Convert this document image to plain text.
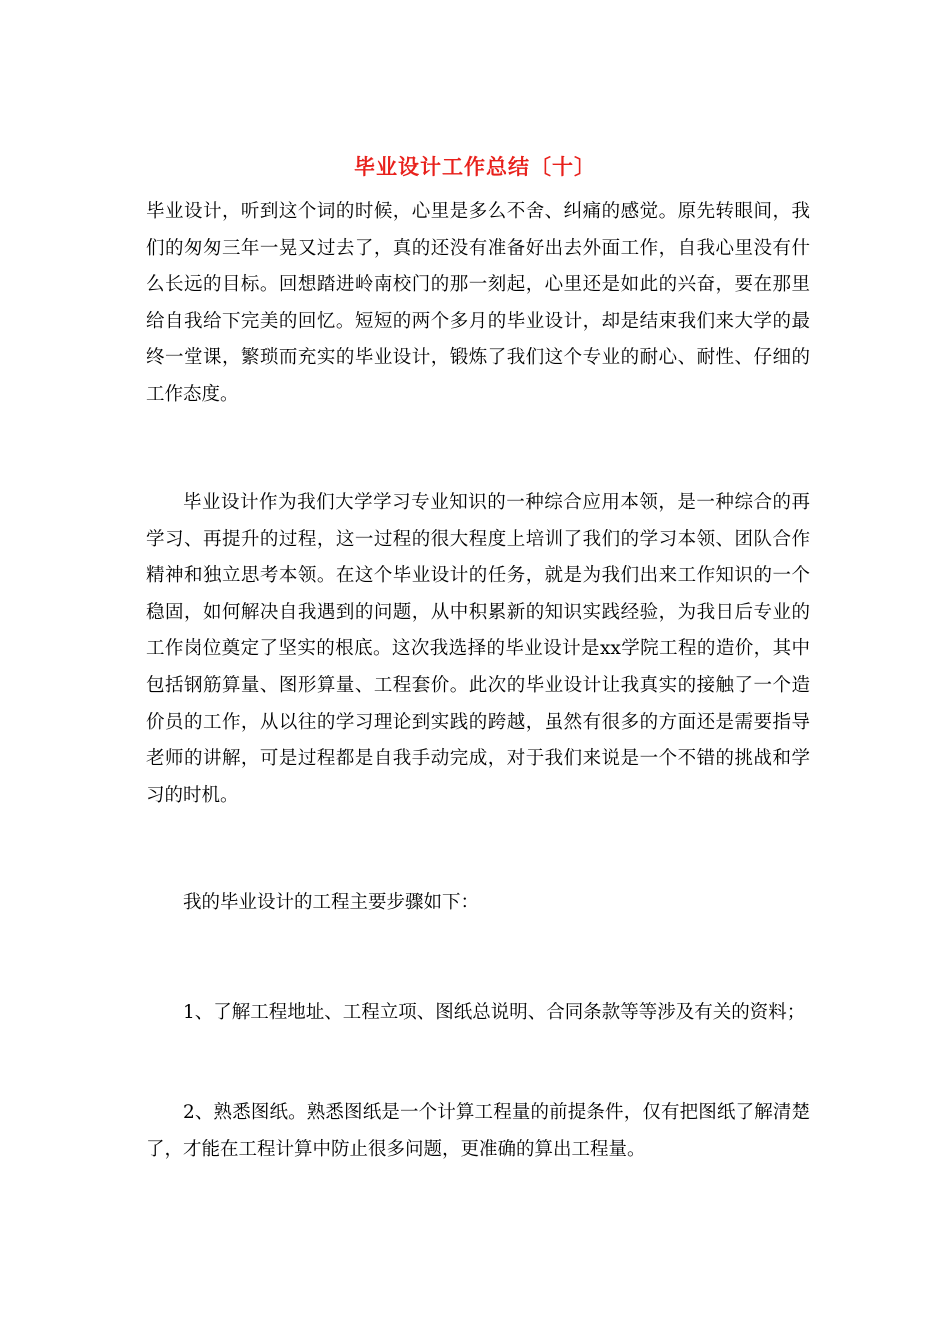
毕业设计工作总结〔十〕

毕业设计，听到这个词的时候，心里是多么不舍、纠痛的感觉。原先转眼间，我们的匆匆三年一晃又过去了，真的还没有准备好出去外面工作，自我心里没有什么长远的目标。回想踏进岭南校门的那一刻起，心里还是如此的兴奋，要在那里给自我给下完美的回忆。短短的两个多月的毕业设计，却是结束我们来大学的最终一堂课，繁琐而充实的毕业设计，锻炼了我们这个专业的耐心、耐性、仔细的工作态度。

毕业设计作为我们大学学习专业知识的一种综合应用本领，是一种综合的再学习、再提升的过程，这一过程的很大程度上培训了我们的学习本领、团队合作精神和独立思考本领。在这个毕业设计的任务，就是为我们出来工作知识的一个稳固，如何解决自我遇到的问题，从中积累新的知识实践经验，为我日后专业的工作岗位奠定了坚实的根底。这次我选择的毕业设计是xx学院工程的造价，其中包括钢筋算量、图形算量、工程套价。此次的毕业设计让我真实的接触了一个造价员的工作，从以往的学习理论到实践的跨越，虽然有很多的方面还是需要指导老师的讲解，可是过程都是自我手动完成，对于我们来说是一个不错的挑战和学习的时机。

我的毕业设计的工程主要步骤如下：

1、了解工程地址、工程立项、图纸总说明、合同条款等等涉及有关的资料；

2、熟悉图纸。熟悉图纸是一个计算工程量的前提条件，仅有把图纸了解清楚了，才能在工程计算中防止很多问题，更准确的算出工程量。
